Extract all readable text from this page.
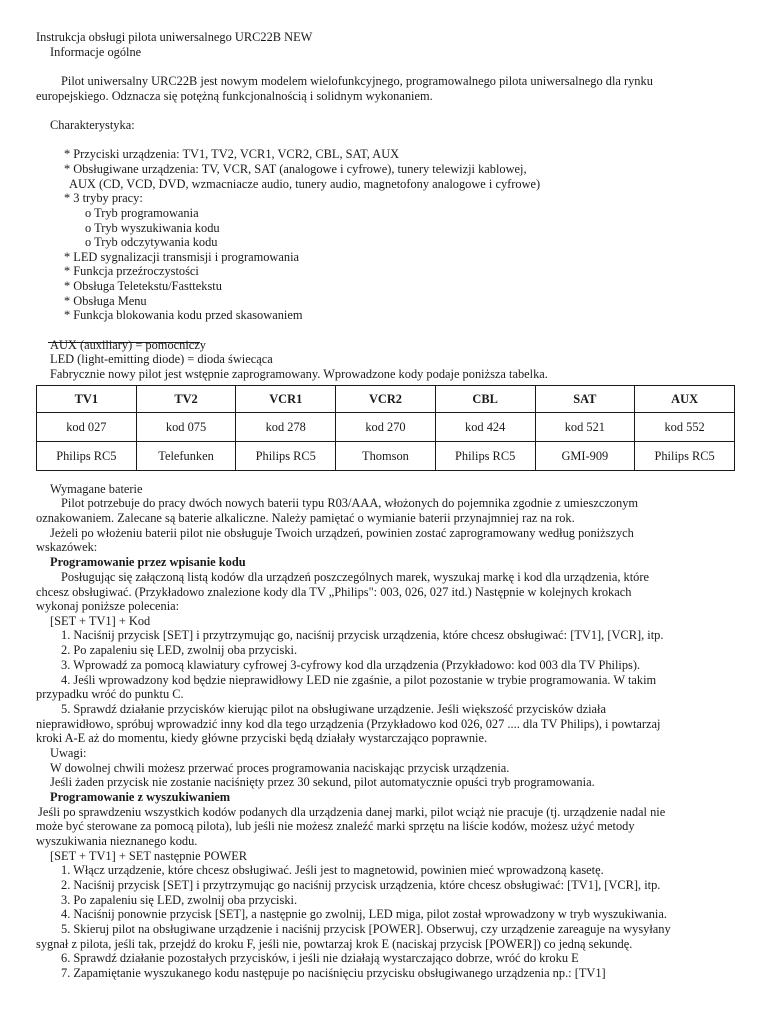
TV1	TV2	VCR1	VCR2	CBL	SAT	AUX
kod 027	kod 075	kod 278	kod 270	kod 424	kod 521	kod 552
Philips RC5	Telefunken	Philips RC5	Thomson	Philips RC5	GMI-909	Philips RC5
Instrukcja obsługi pilota uniwersalnego URC22B NEW
Informacje ogólne
Pilot uniwersalny URC22B jest nowym modelem wielofunkcyjnego, programowalnego pilota uniwersalnego dla rynku
europejskiego. Odznacza się potężną funkcjonalnością i solidnym wykonaniem.
Charakterystyka:
* Przyciski urządzenia: TV1, TV2, VCR1, VCR2, CBL, SAT, AUX
* Obsługiwane urządzenia: TV, VCR, SAT (analogowe i cyfrowe), tunery telewizji kablowej,
AUX (CD, VCD, DVD, wzmacniacze audio, tunery audio, magnetofony analogowe i cyfrowe)
* 3 tryby pracy:
o Tryb programowania
o Tryb wyszukiwania kodu
o Tryb odczytywania kodu
* LED sygnalizacji transmisji i programowania
* Funkcja przeźroczystości
* Obsługa Teletekstu/Fasttekstu
* Obsługa Menu
* Funkcja blokowania kodu przed skasowaniem
AUX (auxiliary) = pomocniczy
LED (light-emitting diode) = dioda świecąca
Fabrycznie nowy pilot jest wstępnie zaprogramowany. Wprowadzone kody podaje poniższa tabelka.
Wymagane baterie
Pilot potrzebuje do pracy dwóch nowych baterii typu R03/AAA, włożonych do pojemnika zgodnie z umieszczonym
oznakowaniem. Zalecane są baterie alkaliczne. Należy pamiętać o wymianie baterii przynajmniej raz na rok.
Jeżeli po włożeniu baterii pilot nie obsługuje Twoich urządzeń, powinien zostać zaprogramowany według poniższych
wskazówek:
Programowanie przez wpisanie kodu
Posługując się załączoną listą kodów dla urządzeń poszczególnych marek, wyszukaj markę i kod dla urządzenia, które
chcesz obsługiwać. (Przykładowo znalezione kody dla TV „Philips": 003, 026, 027 itd.) Następnie w kolejnych krokach
wykonaj poniższe polecenia:
[SET + TV1] + Kod
1. Naciśnij przycisk [SET] i przytrzymując go, naciśnij przycisk urządzenia, które chcesz obsługiwać: [TV1], [VCR], itp.
2. Po zapaleniu się LED, zwolnij oba przyciski.
3. Wprowadź za pomocą klawiatury cyfrowej 3-cyfrowy kod dla urządzenia (Przykładowo: kod 003 dla TV Philips).
4. Jeśli wprowadzony kod będzie nieprawidłowy LED nie zgaśnie, a pilot pozostanie w trybie programowania. W takim
przypadku wróć do punktu C.
5. Sprawdź działanie przycisków kierując pilot na obsługiwane urządzenie. Jeśli większość przycisków działa
nieprawidłowo, spróbuj wprowadzić inny kod dla tego urządzenia (Przykładowo kod 026, 027 .... dla TV Philips), i powtarzaj
kroki A-E aż do momentu, kiedy główne przyciski będą działały wystarczająco poprawnie.
Uwagi:
W dowolnej chwili możesz przerwać proces programowania naciskając przycisk urządzenia.
Jeśli żaden przycisk nie zostanie naciśnięty przez 30 sekund, pilot automatycznie opuści tryb programowania.
Programowanie z wyszukiwaniem
Jeśli po sprawdzeniu wszystkich kodów podanych dla urządzenia danej marki, pilot wciąż nie pracuje (tj. urządzenie nadal nie
może być sterowane za pomocą pilota), lub jeśli nie możesz znaleźć marki sprzętu na liście kodów, możesz użyć metody
wyszukiwania nieznanego kodu.
[SET + TV1] + SET następnie POWER
1. Włącz urządzenie, które chcesz obsługiwać. Jeśli jest to magnetowid, powinien mieć wprowadzoną kasetę.
2. Naciśnij przycisk [SET] i przytrzymując go naciśnij przycisk urządzenia, które chcesz obsługiwać: [TV1], [VCR], itp.
3. Po zapaleniu się LED, zwolnij oba przyciski.
4. Naciśnij ponownie przycisk [SET], a następnie go zwolnij, LED miga, pilot został wprowadzony w tryb wyszukiwania.
5. Skieruj pilot na obsługiwane urządzenie i naciśnij przycisk [POWER]. Obserwuj, czy urządzenie zareaguje na wysyłany
sygnał z pilota, jeśli tak, przejdź do kroku F, jeśli nie, powtarzaj krok E (naciskaj przycisk [POWER]) co jedną sekundę.
6. Sprawdź działanie pozostałych przycisków, i jeśli nie działają wystarczająco dobrze, wróć do kroku E
7. Zapamiętanie wyszukanego kodu następuje po naciśnięciu przycisku obsługiwanego urządzenia np.: [TV1]
